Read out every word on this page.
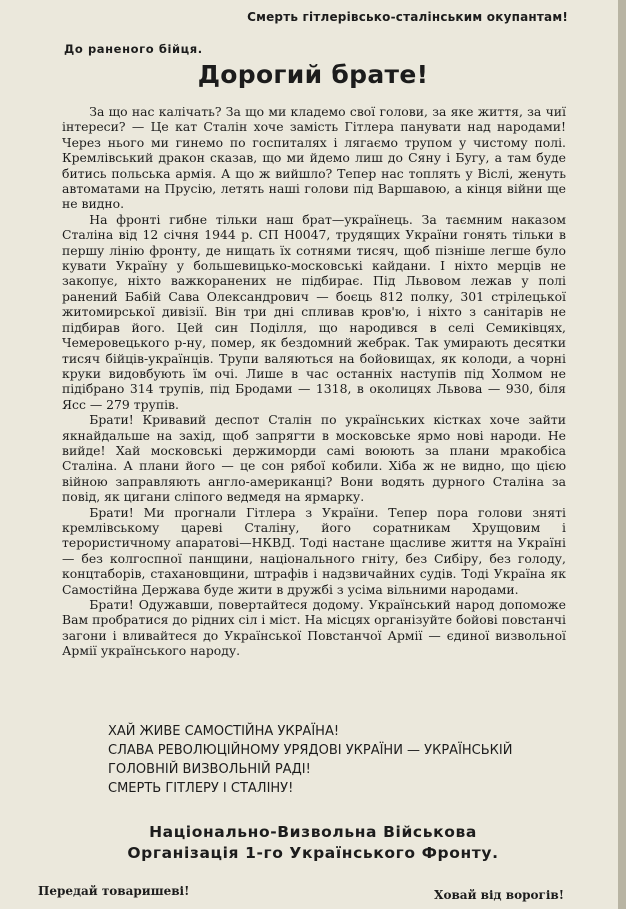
Смерть гітлерівсько-сталінським окупантам!
До раненого бійця.
Дорогий брате!

За що нас калічать? За що ми кладемо свої голови, за яке життя, за чиї інтереси? — Це кат Сталін хоче замість Гітлера панувати над народами! Через нього ми гинемо по госпиталях і лягаємо трупом у чистому полі. Кремлівський дракон сказав, що ми йдемо лиш до Сяну і Бугу, а там буде битись польська армія. А що ж вийшло? Тепер нас топлять у Віслі, женуть автоматами на Прусію, летять наші голови під Варшавою, а кінця війни ще не видно.

На фронті гибне тільки наш брат—українець. За таємним наказом Сталіна від 12 січня 1944 р. СП Н0047, трудящих України гонять тільки в першу лінію фронту, де нищать їх сотнями тисяч, щоб пізніше легше було кувати Україну у большевицько-московські кайдани. І ніхто мерців не закопує, ніхто важкоранених не підбирає. Під Львовом лежав у полі ранений Бабій Сава Олександрович — боєць 812 полку, 301 стрілецької житомирської дивізії. Він три дні спливав кров'ю, і ніхто з санітарів не підбирав його. Цей син Поділля, що народився в селі Семиківцях, Чемеровецького р-ну, помер, як бездомний жебрак. Так умирають десятки тисяч бійців-українців. Трупи валяються на бойовищах, як колоди, а чорні круки видовбують їм очі. Лише в час останніх наступів під Холмом не підібрано 314 трупів, під Бродами — 1318, в околицях Львова — 930, біля Ясс — 279 трупів.

Брати! Кривавий деспот Сталін по українських кістках хоче зайти якнайдальше на захід, щоб запрягти в московське ярмо нові народи. Не вийде! Хай московські держиморди самі воюють за плани мракобіса Сталіна. А плани його — це сон рябої кобили. Хіба ж не видно, що цією війною заправляють англо-американці? Вони водять дурного Сталіна за повід, як цигани сліпого ведмедя на ярмарку.

Брати! Ми прогнали Гітлера з України. Тепер пора голови знятi кремлівському цареві Сталіну, його соратникам Хрущовим і терористичному апаратові—НКВД. Тоді настане щасливе життя на Україні — без колгоспної панщини, національного гніту, без Сибіру, без голоду, концтаборів, стахановщини, штрафів і надзвичайних судів. Тоді Україна як Самостійна Держава буде жити в дружбі з усіма вільними народами.

Брати! Одужавши, повертайтеся додому. Український народ допоможе Вам пробратися до рідних сіл і міст. На місцях організуйте бойові повстанчі загони і вливайтеся до Української Повстанчої Армії — єдиної визвольної Армії українського народу.

ХАЙ ЖИВЕ САМОСТІЙНА УКРАЇНА!
СЛАВА РЕВОЛЮЦІЙНОМУ УРЯДОВІ УКРАЇНИ — УКРАЇНСЬКІЙ ГОЛОВНІЙ ВИЗВОЛЬНІЙ РАДІ!
СМЕРТЬ ГІТЛЕРУ І СТАЛІНУ!
Національно-Визвольна Військова
Організація 1-го Українського Фронту.
Передай товаришеві!	Ховай від ворогів!
